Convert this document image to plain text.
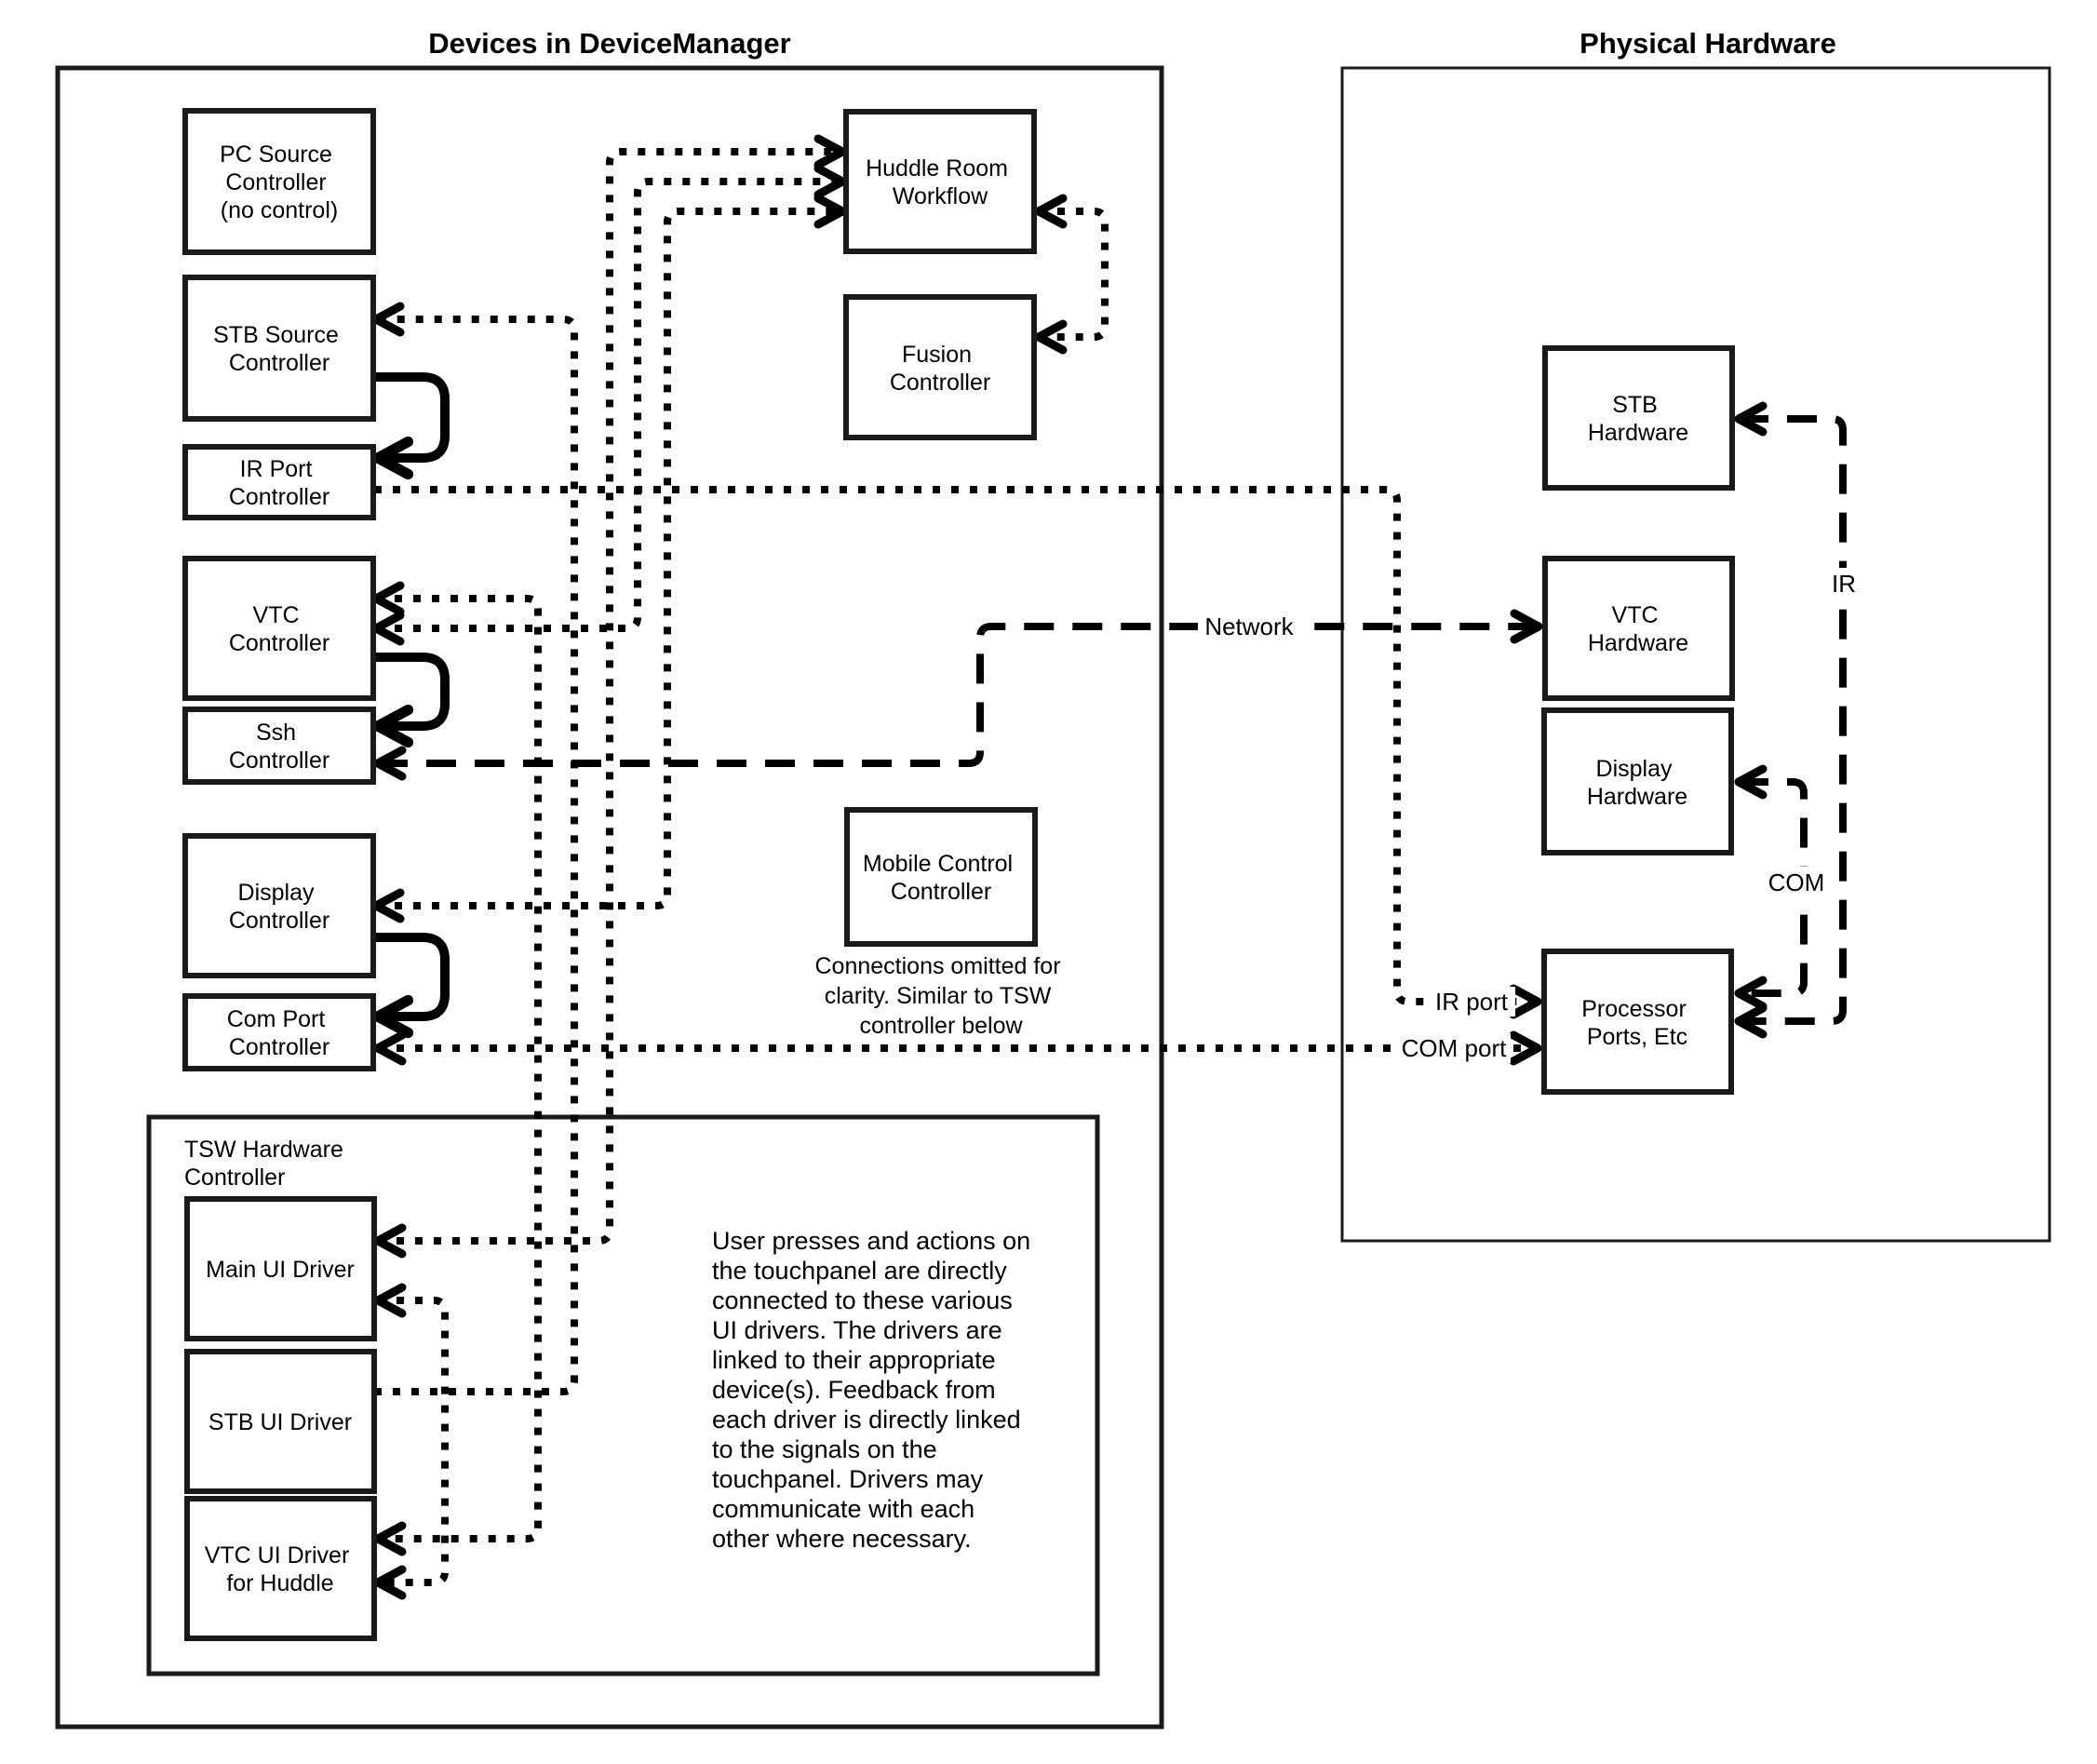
PC Source Controller (no control)
STB Source Controller
IR Port Controller
VTC Controller
Ssh Controller
Display Controller
Com Port Controller
TSW Hardware Controller
Main UI Driver
STB UI Driver
VTC UI Driver for Huddle
Huddle Room Workflow
Fusion Controller
Mobile Control Controller
STB Hardware
VTC Hardware
Display Hardware
Processor Ports, Etc
Devices in DeviceManager	Physical Hardware
Network
IR port
COM port
IR
COM
Connections omitted for clarity. Similar to TSW controller below
User presses and actions on the touchpanel are directly connected to these various UI drivers. The drivers are linked to their appropriate device(s). Feedback from each driver is directly linked to the signals on the touchpanel. Drivers may communicate with each other where necessary.
